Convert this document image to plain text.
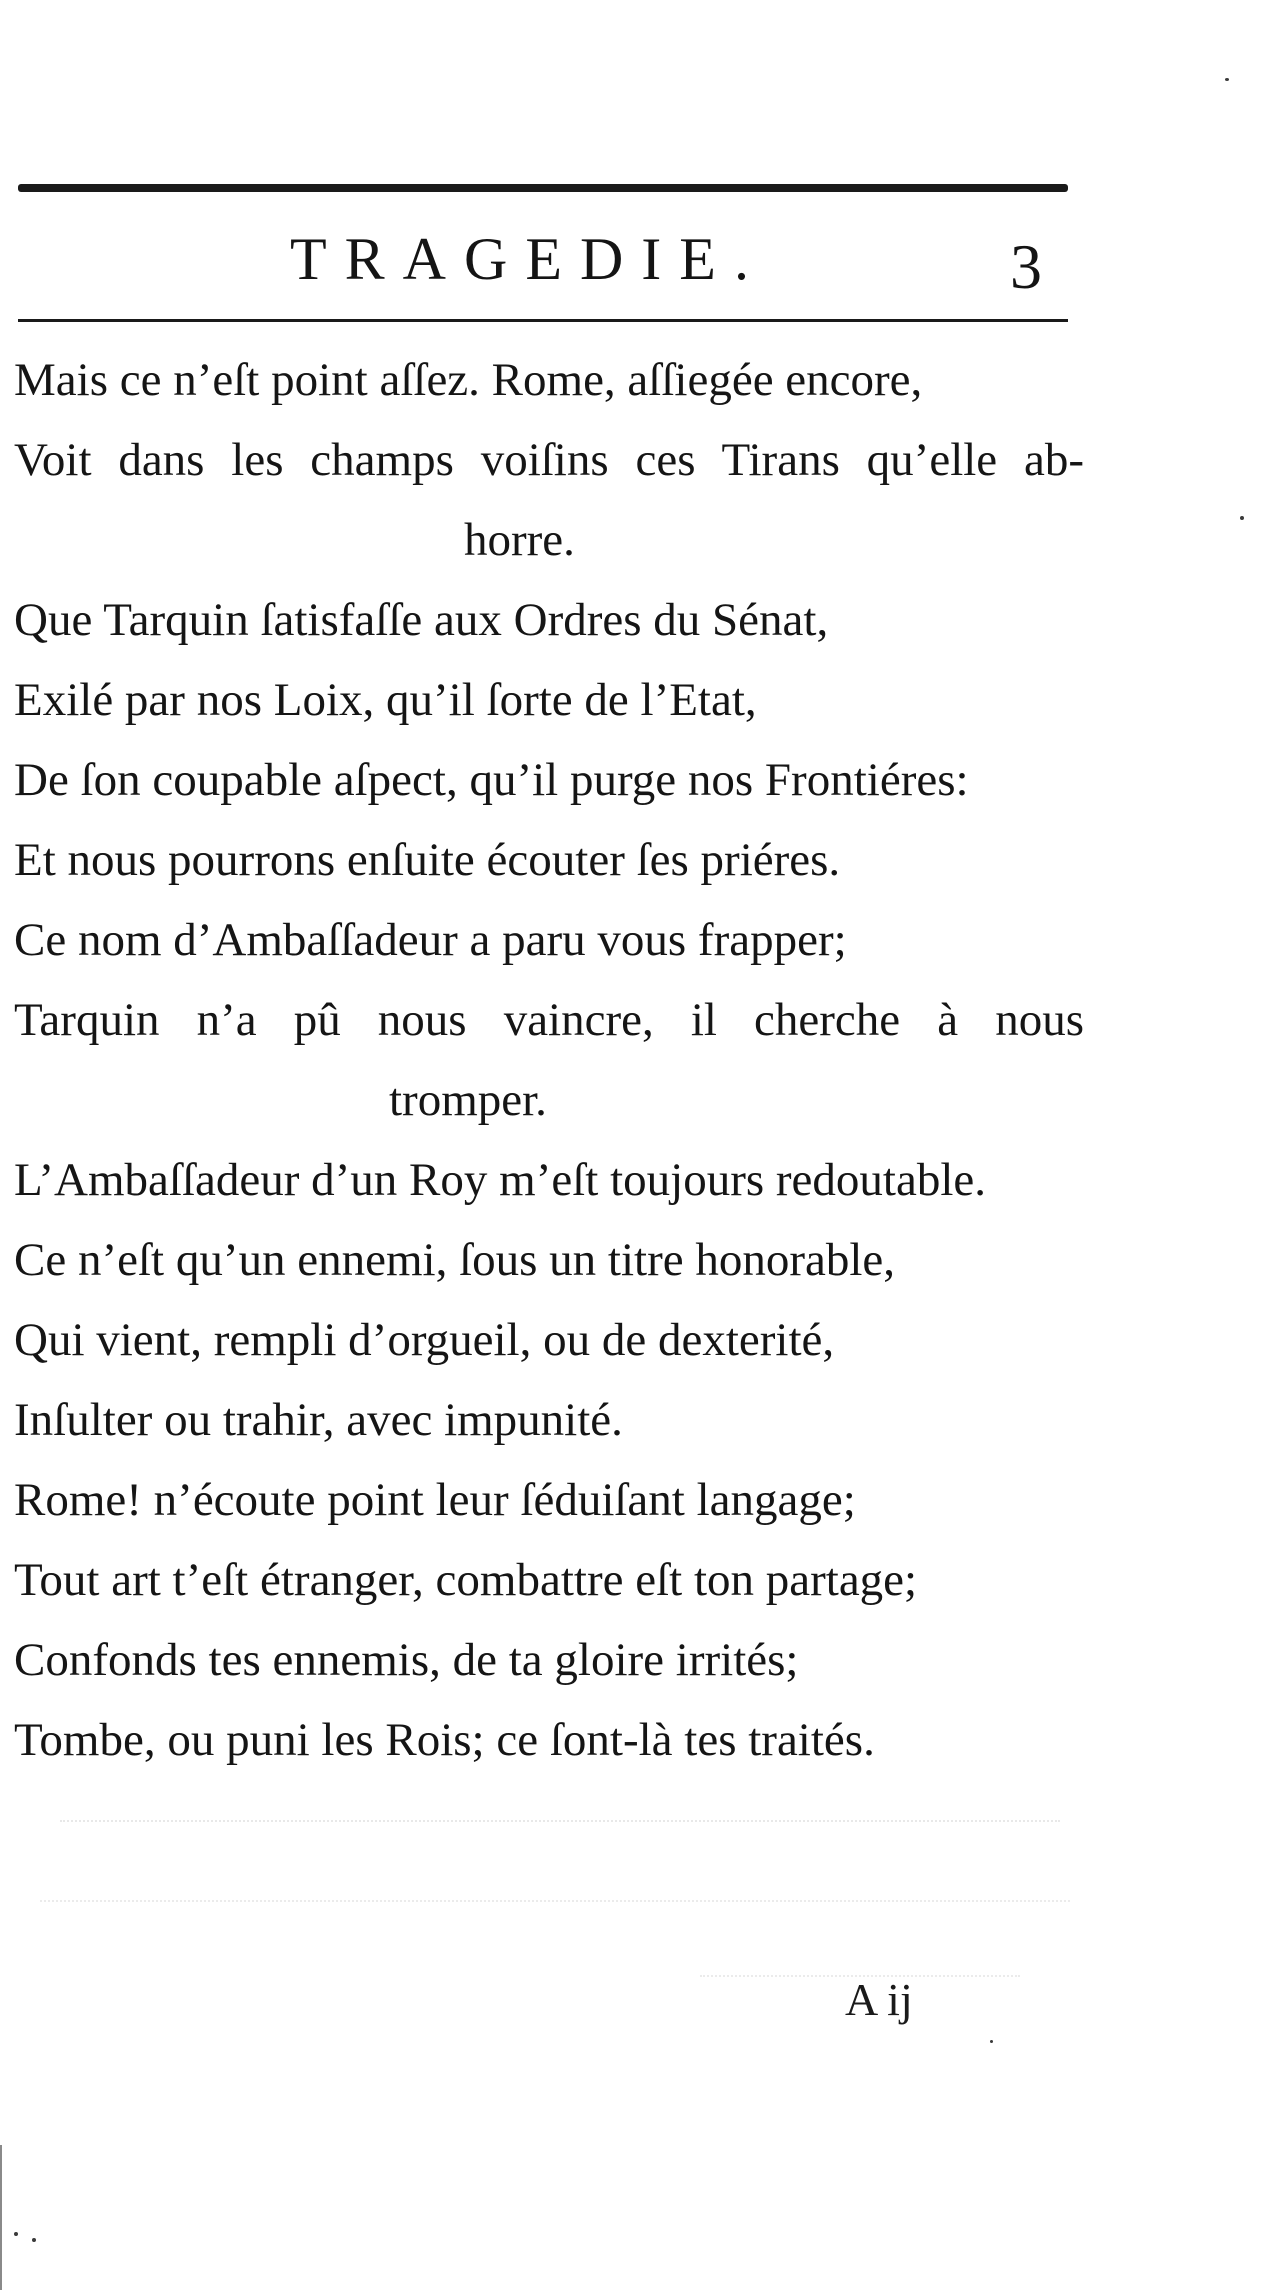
TRAGEDIE.	3
Mais ce n’eſt point aſſez. Rome, aſſiegée encore,
Voit dans les champs voiſins ces Tirans qu’elle ab-
horre.
Que Tarquin ſatisfaſſe aux Ordres du Sénat,
Exilé par nos Loix, qu’il ſorte de l’Etat,
De ſon coupable aſpect, qu’il purge nos Frontiéres:
Et nous pourrons enſuite écouter ſes priéres.
Ce nom d’Ambaſſadeur a paru vous frapper;
Tarquin n’a pû nous vaincre, il cherche à nous
tromper.
L’Ambaſſadeur d’un Roy m’eſt toujours redoutable.
Ce n’eſt qu’un ennemi, ſous un titre honorable,
Qui vient, rempli d’orgueil, ou de dexterité,
Inſulter ou trahir, avec impunité.
Rome! n’écoute point leur ſéduiſant langage;
Tout art t’eſt étranger, combattre eſt ton partage;
Confonds tes ennemis, de ta gloire irrités;
Tombe, ou puni les Rois; ce ſont-là tes traités.
A ij
